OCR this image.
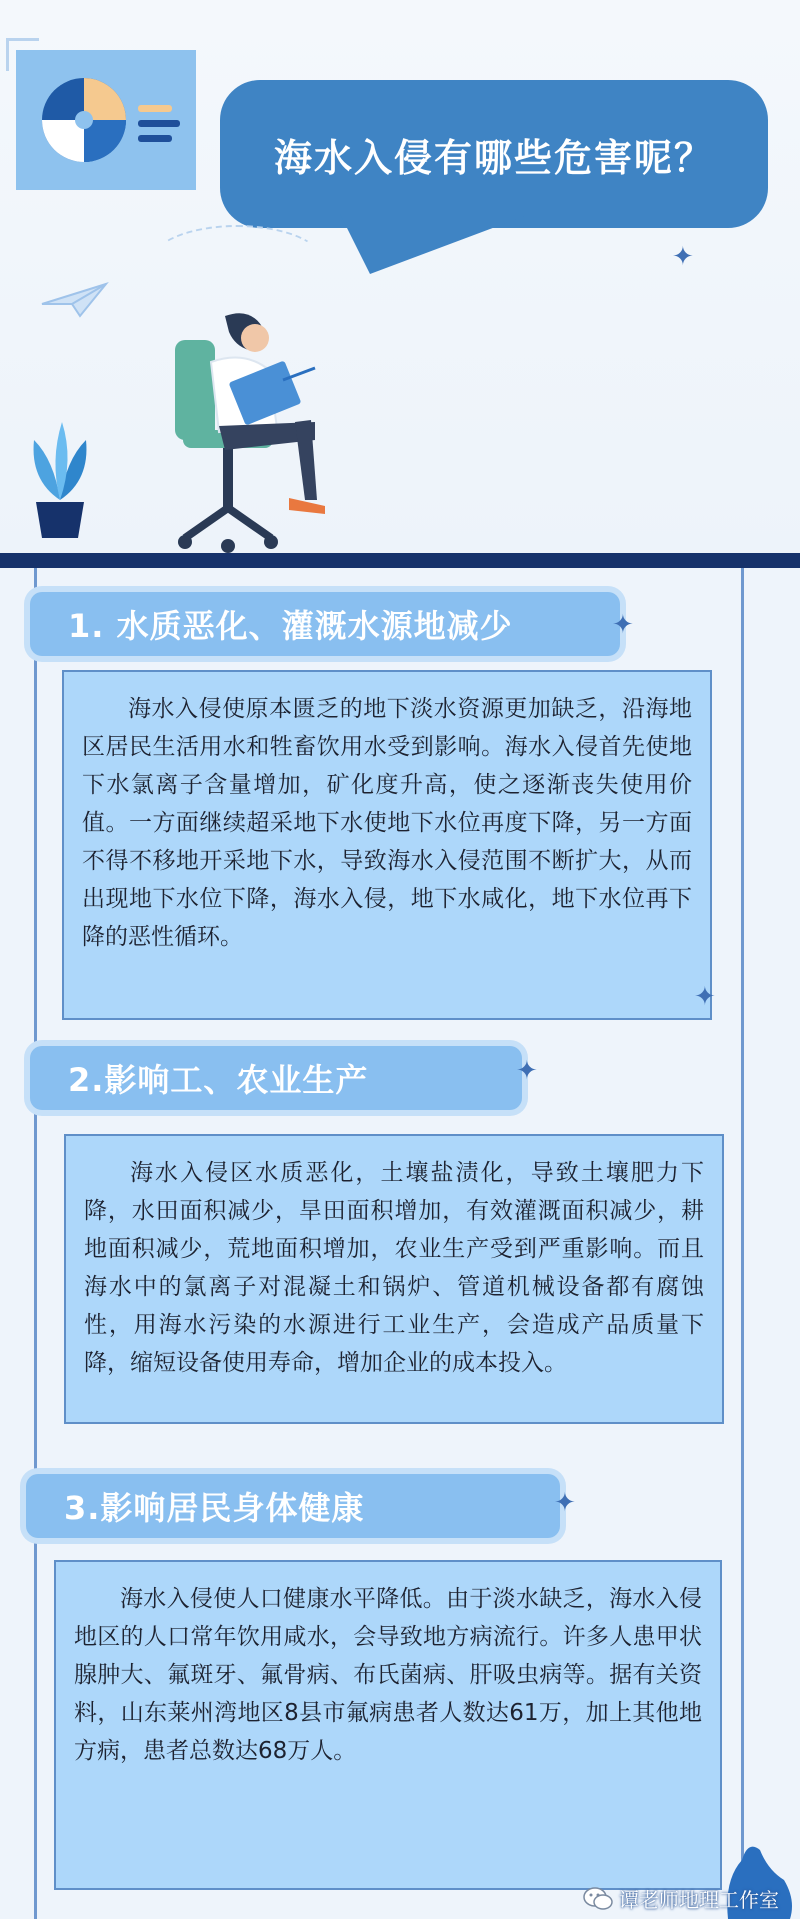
海水入侵有哪些危害呢？
✦
1. 水质恶化、灌溉水源地减少	✦

海水入侵使原本匮乏的地下淡水资源更加缺乏，沿海地区居民生活用水和牲畜饮用水受到影响。海水入侵首先使地下水氯离子含量增加，矿化度升高，使之逐渐丧失使用价值。一方面继续超采地下水使地下水位再度下降，另一方面不得不移地开采地下水，导致海水入侵范围不断扩大，从而出现地下水位下降，海水入侵，地下水咸化，地下水位再下降的恶性循环。

✦
2.影响工、农业生产	✦

海水入侵区水质恶化，土壤盐渍化，导致土壤肥力下降，水田面积减少，旱田面积增加，有效灌溉面积减少，耕地面积减少，荒地面积增加，农业生产受到严重影响。而且海水中的氯离子对混凝土和锅炉、管道机械设备都有腐蚀性，用海水污染的水源进行工业生产，会造成产品质量下降，缩短设备使用寿命，增加企业的成本投入。

3.影响居民身体健康	✦

海水入侵使人口健康水平降低。由于淡水缺乏，海水入侵地区的人口常年饮用咸水，会导致地方病流行。许多人患甲状腺肿大、氟斑牙、氟骨病、布氏菌病、肝吸虫病等。据有关资料，山东莱州湾地区8县市氟病患者人数达61万，加上其他地方病，患者总数达68万人。

谭老师地理工作室
